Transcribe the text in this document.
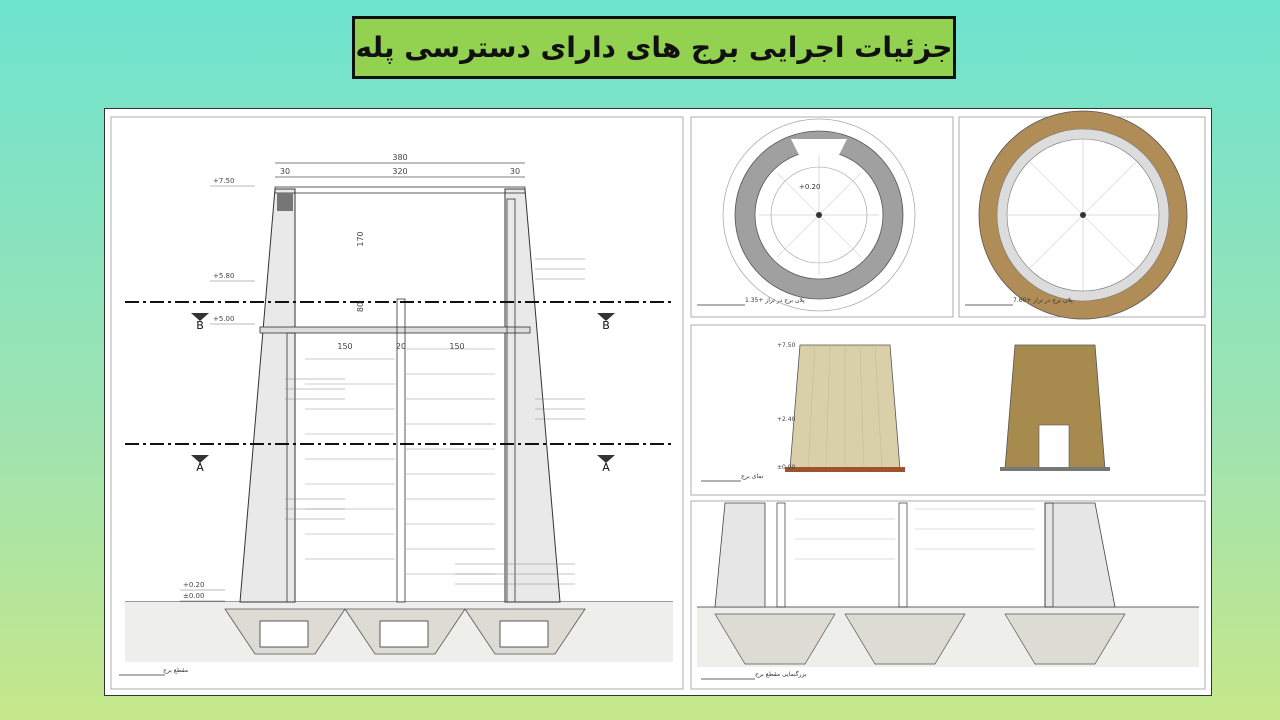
جزئیات اجرایی برج های دارای دسترسی پله
B	B
A	A
380
30	320	30
170
80
150	20	150
+7.50
+5.80
+5.00
+0.20
±0.00
مقطع برج
+0.20
پلان برج در تراز +1.35	پلان برج در تراز +7.60
+7.50
+2.40
±0.00
نمای برج
بزرگنمایی مقطع برج
